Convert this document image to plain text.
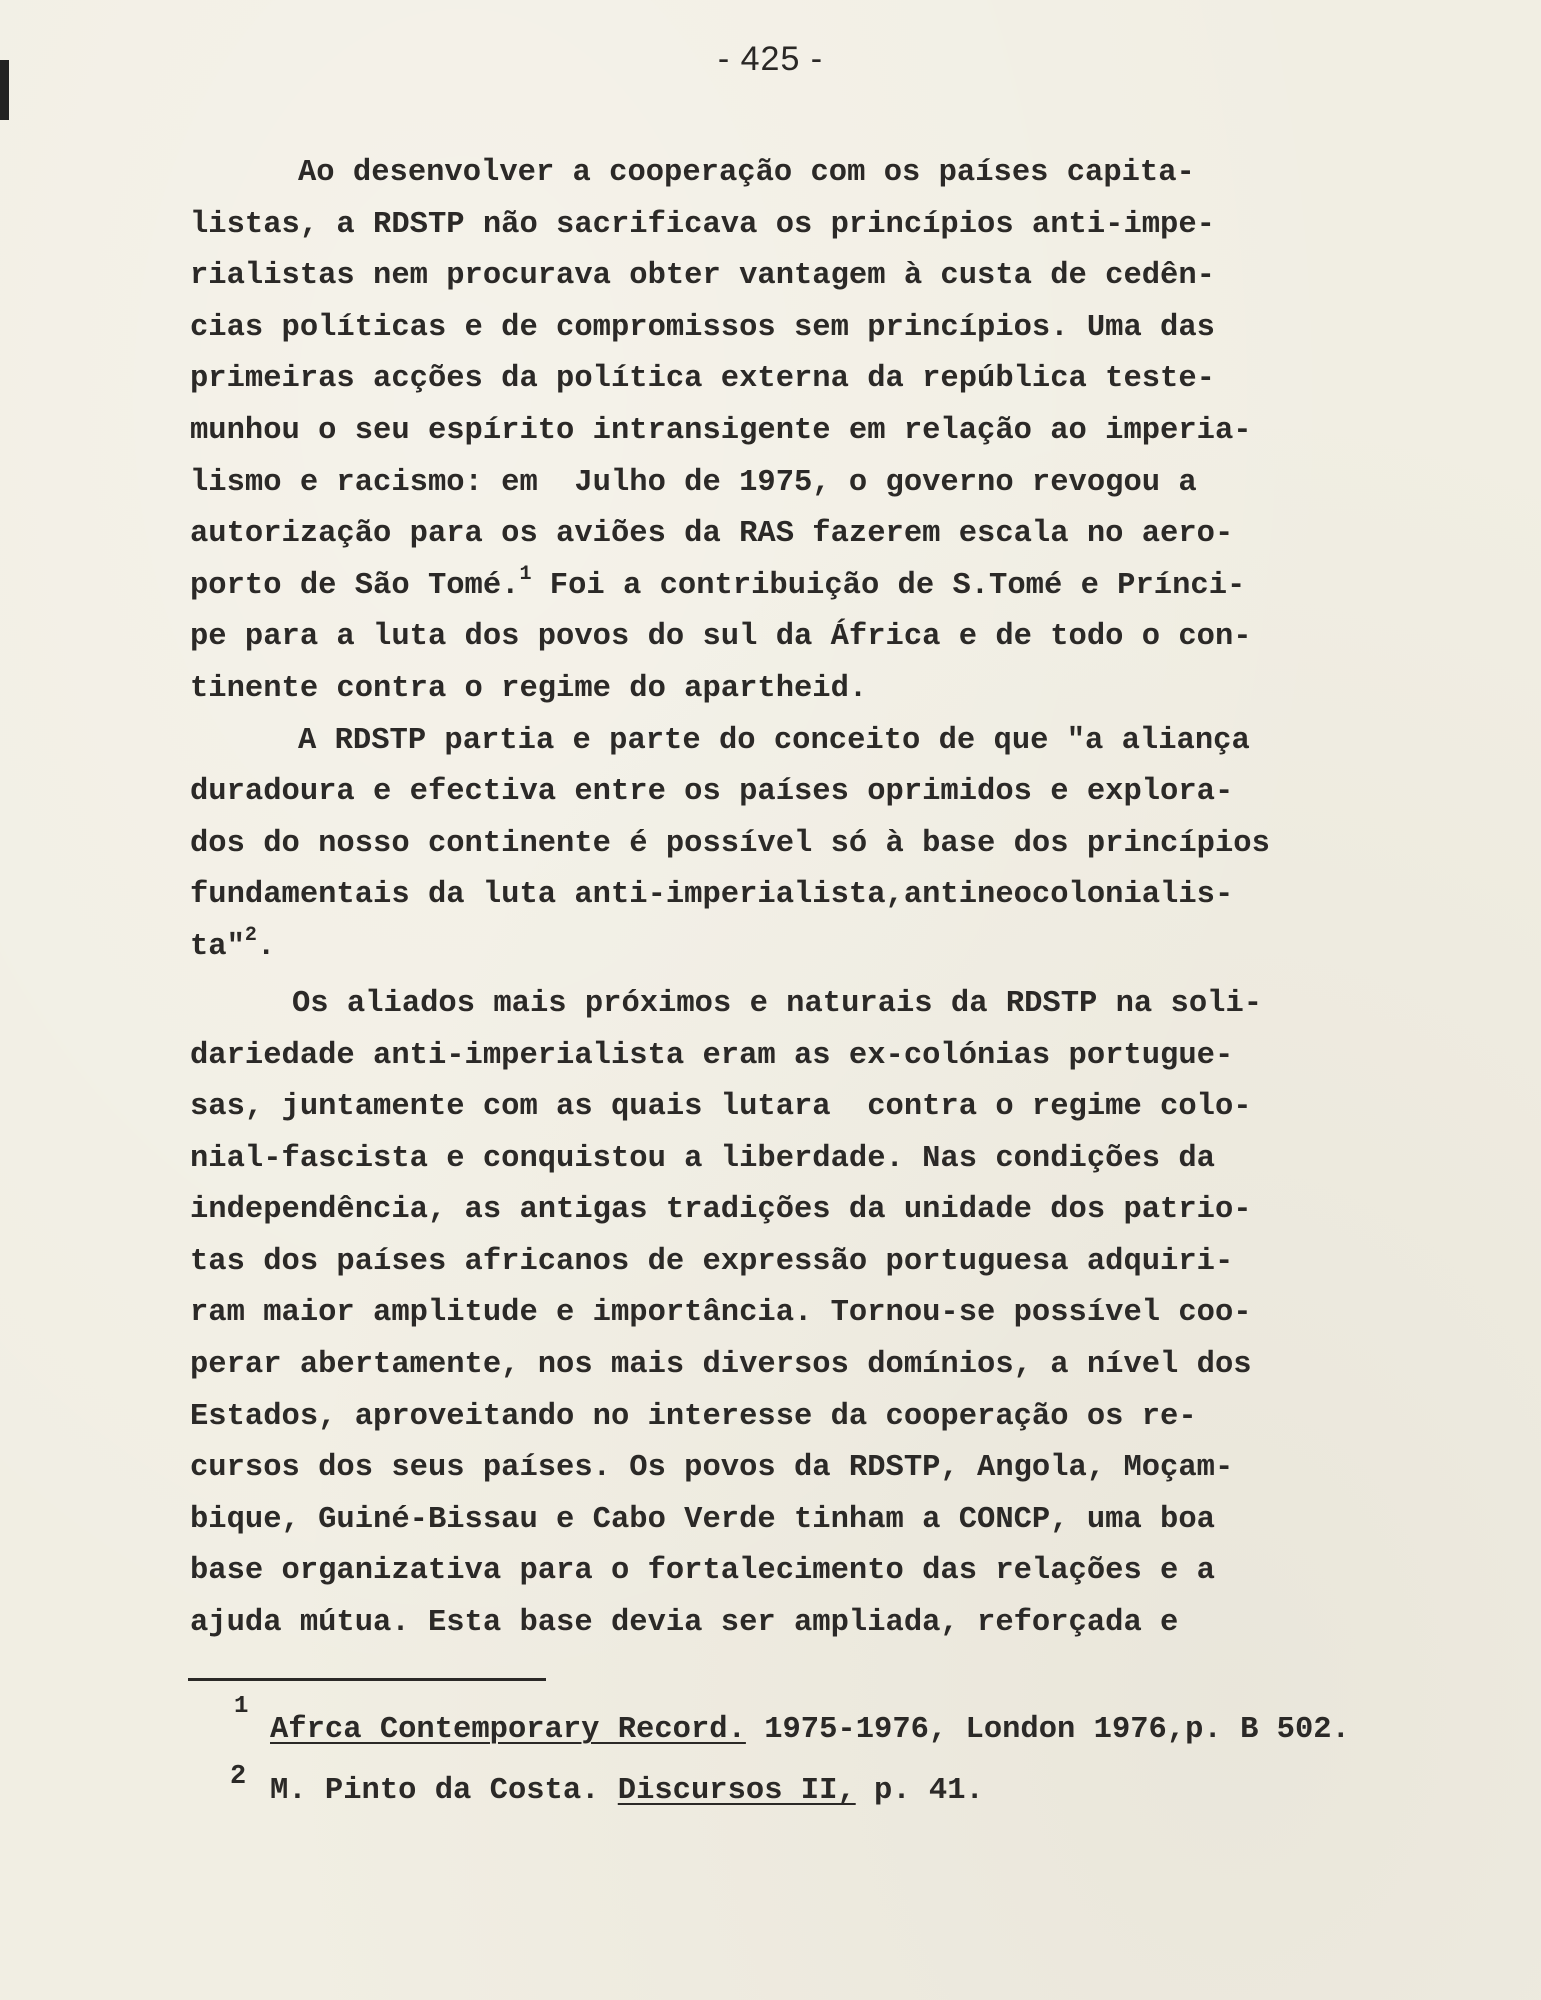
- 425 -
Ao desenvolver a cooperação com os países capita-
listas, a RDSTP não sacrificava os princípios anti-impe-
rialistas nem procurava obter vantagem à custa de cedên-
cias políticas e de compromissos sem princípios. Uma das
primeiras acções da política externa da república teste-
munhou o seu espírito intransigente em relação ao imperia-
lismo e racismo: em  Julho de 1975, o governo revogou a
autorização para os aviões da RAS fazerem escala no aero-
porto de São Tomé.$^1$ Foi a contribuição de S.Tomé e Prínci-
pe para a luta dos povos do sul da África e de todo o con-
tinente contra o regime do apartheid.
A RDSTP partia e parte do conceito de que "a aliança
duradoura e efectiva entre os países oprimidos e explora-
dos do nosso continente é possível só à base dos princípios
fundamentais da luta anti-imperialista,antineocolonialis-
ta"$^2$.
Os aliados mais próximos e naturais da RDSTP na soli-
dariedade anti-imperialista eram as ex-colónias portugue-
sas, juntamente com as quais lutara  contra o regime colo-
nial-fascista e conquistou a liberdade. Nas condições da
independência, as antigas tradições da unidade dos patrio-
tas dos países africanos de expressão portuguesa adquiri-
ram maior amplitude e importância. Tornou-se possível coo-
perar abertamente, nos mais diversos domínios, a nível dos
Estados, aproveitando no interesse da cooperação os re-
cursos dos seus países. Os povos da RDSTP, Angola, Moçam-
bique, Guiné-Bissau e Cabo Verde tinham a CONCP, uma boa
base organizativa para o fortalecimento das relações e a
ajuda mútua. Esta base devia ser ampliada, reforçada e

1

Afrca Contemporary Record. 1975-1976, London 1976,p. B 502.

2

M. Pinto da Costa. Discursos II, p. 41.
